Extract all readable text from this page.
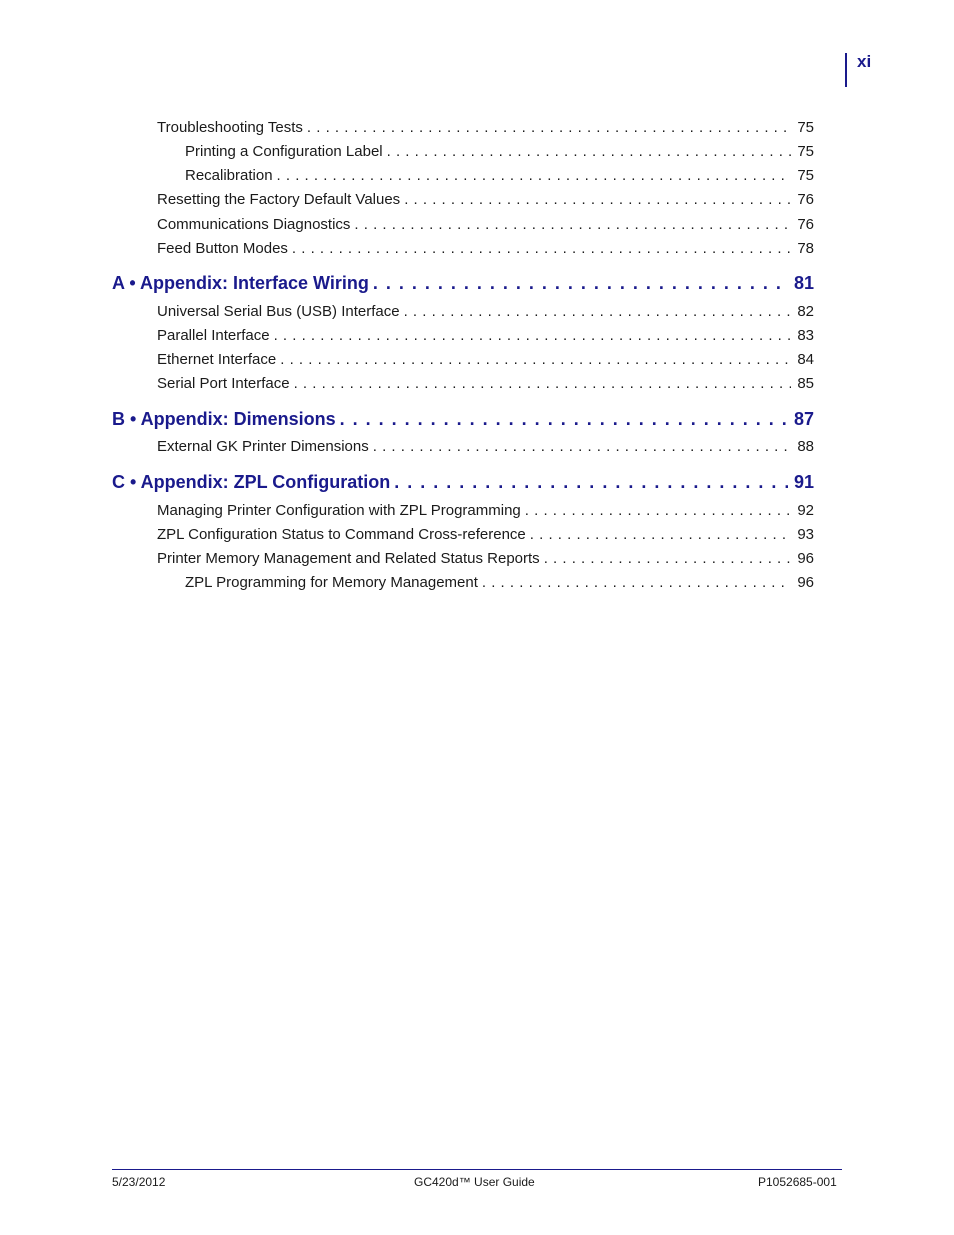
xi
Troubleshooting Tests . . .	75
Printing a Configuration Label . . .	75
Recalibration . . .	75
Resetting the Factory Default Values . . .	76
Communications Diagnostics . . .	76
Feed Button Modes . . .	78
A • Appendix: Interface Wiring . . .	81
Universal Serial Bus (USB) Interface . . .	82
Parallel Interface . . .	83
Ethernet Interface . . .	84
Serial Port Interface . . .	85
B • Appendix: Dimensions . . .	87
External GK Printer Dimensions . . .	88
C • Appendix: ZPL Configuration . . .	91
Managing Printer Configuration with ZPL Programming . . .	92
ZPL Configuration Status to Command Cross-reference . . .	93
Printer Memory Management and Related Status Reports . . .	96
ZPL Programming for Memory Management . . .	96
5/23/2012	GC420d™ User Guide	P1052685-001
